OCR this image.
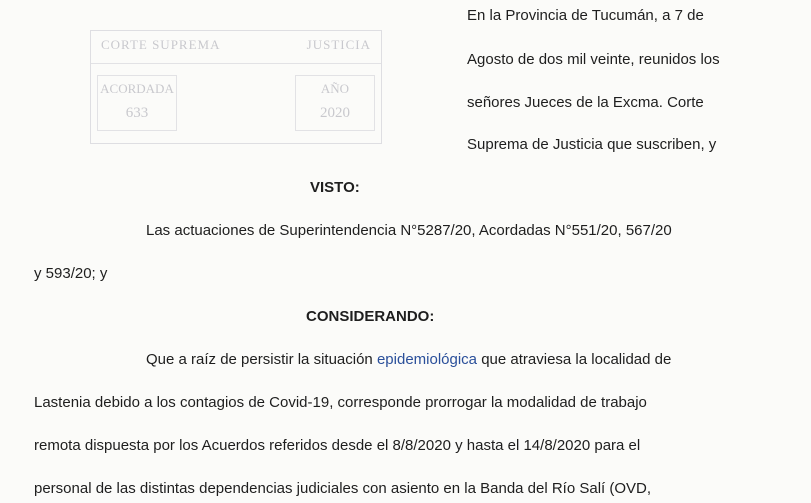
CORTE SUPREMA	JUSTICIA
ACORDADA
633
AÑO
2020
En la Provincia de Tucumán, a 7 de
Agosto de dos mil veinte, reunidos los
señores Jueces de la Excma. Corte
Suprema de Justicia que suscriben, y
VISTO:
Las actuaciones de Superintendencia N°5287/20, Acordadas N°551/20, 567/20
y 593/20; y
CONSIDERANDO:
Que a raíz de persistir la situación epidemiológica que atraviesa la localidad de
Lastenia debido a los contagios de Covid-19, corresponde prorrogar la modalidad de trabajo
remota dispuesta por los Acuerdos referidos desde el 8/8/2020 y hasta el 14/8/2020 para el
personal de las distintas dependencias judiciales con asiento en la Banda del Río Salí (OVD,
